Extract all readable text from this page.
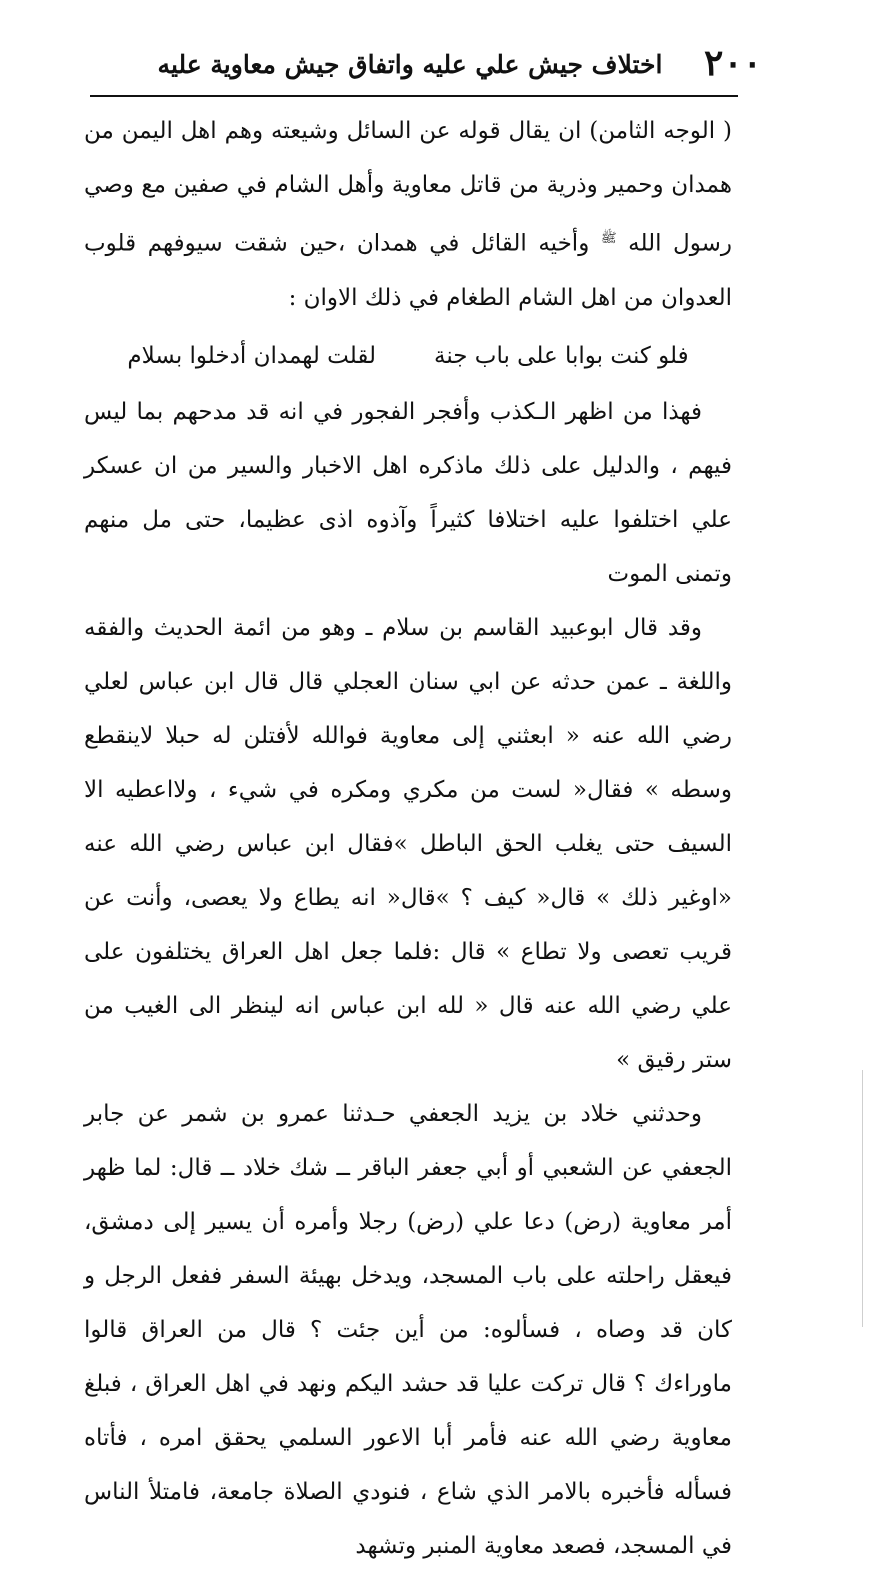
٢٠٠
اختلاف جيش علي عليه واتفاق جيش معاوية عليه

( الوجه الثامن) ان يقال قوله عن السائل وشيعته وهم اهل اليمن من همدان وحمير وذرية من قاتل معاوية وأهل الشام في صفين مع وصي رسول الله $^ﷺ$ وأخيه القائل في همدان ،حين شقت سيوفهم قلوب العدوان من اهل الشام الطغام في ذلك الاوان :

فلو كنت بوابا على باب جنة
لقلت لهمدان أدخلوا بسلام

فهذا من اظهر الـكذب وأفجر الفجور في انه قد مدحهم بما ليس فيهم ، والدليل على ذلك ماذكره اهل الاخبار والسير من ان عسكر علي اختلفوا عليه اختلافا كثيراً وآذوه اذى عظيما، حتى مل منهم وتمنى الموت

وقد قال ابوعبيد القاسم بن سلام ـ وهو من ائمة الحديث والفقه واللغة ـ عمن حدثه عن ابي سنان العجلي قال قال ابن عباس لعلي رضي الله عنه « ابعثني إلى معاوية فوالله لأفتلن له حبلا لاينقطع وسطه » فقال« لست من مكري ومكره في شيء ، ولااعطيه الا السيف حتى يغلب الحق الباطل »فقال ابن عباس رضي الله عنه «اوغير ذلك » قال« كيف ؟ »قال« انه يطاع ولا يعصى، وأنت عن قريب تعصى ولا تطاع » قال :فلما جعل اهل العراق يختلفون على علي رضي الله عنه قال « لله ابن عباس انه لينظر الى الغيب من ستر رقيق »

وحدثني خلاد بن يزيد الجعفي حـدثنا عمرو بن شمر عن جابر الجعفي عن الشعبي أو أبي جعفر الباقر ــ شك خلاد ــ قال: لما ظهر أمر معاوية (رض) دعا علي (رض) رجلا وأمره أن يسير إلى دمشق، فيعقل راحلته على باب المسجد، ويدخل بهيئة السفر ففعل الرجل و كان قد وصاه ، فسألوه: من أين جئت ؟ قال من العراق قالوا ماوراءك ؟ قال تركت عليا قد حشد اليكم ونهد في اهل العراق ، فبلغ معاوية رضي الله عنه فأمر أبا الاعور السلمي يحقق امره ، فأتاه فسأله فأخبره بالامر الذي شاع ، فنودي الصلاة جامعة، فامتلأ الناس في المسجد، فصعد معاوية المنبر وتشهد
